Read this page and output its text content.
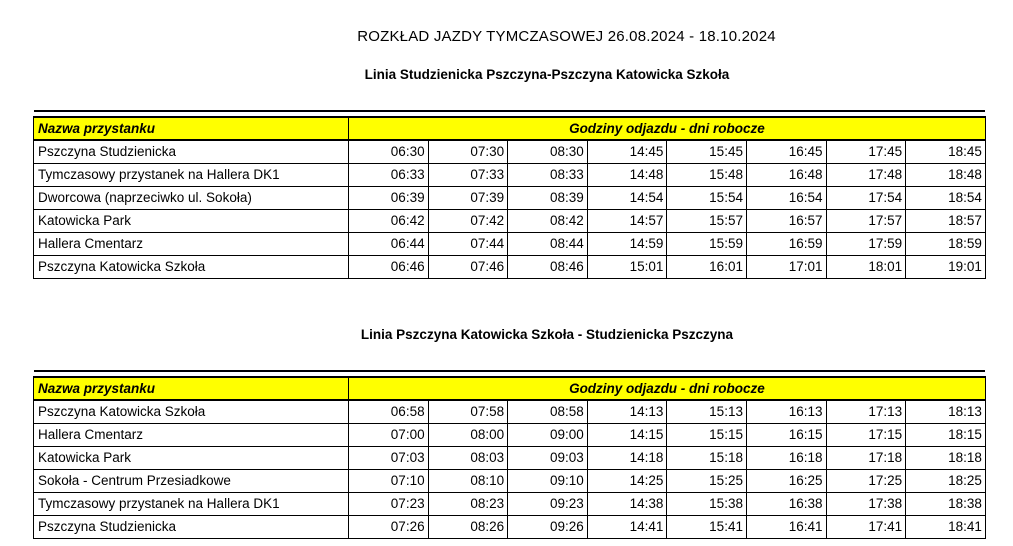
ROZKŁAD JAZDY TYMCZASOWEJ 26.08.2024 - 18.10.2024
Linia Studzienicka Pszczyna-Pszczyna Katowicka Szkoła

Nazwa przystanku	Godziny odjazdu - dni robocze							
Pszczyna Studzienicka	06:30	07:30	08:30	14:45	15:45	16:45	17:45	18:45
Tymczasowy przystanek na Hallera DK1	06:33	07:33	08:33	14:48	15:48	16:48	17:48	18:48
Dworcowa (naprzeciwko ul. Sokoła)	06:39	07:39	08:39	14:54	15:54	16:54	17:54	18:54
Katowicka Park	06:42	07:42	08:42	14:57	15:57	16:57	17:57	18:57
Hallera Cmentarz	06:44	07:44	08:44	14:59	15:59	16:59	17:59	18:59
Pszczyna Katowicka Szkoła	06:46	07:46	08:46	15:01	16:01	17:01	18:01	19:01
Linia Pszczyna Katowicka Szkoła - Studzienicka Pszczyna

Nazwa przystanku	Godziny odjazdu - dni robocze							
Pszczyna Katowicka Szkoła	06:58	07:58	08:58	14:13	15:13	16:13	17:13	18:13
Hallera Cmentarz	07:00	08:00	09:00	14:15	15:15	16:15	17:15	18:15
Katowicka Park	07:03	08:03	09:03	14:18	15:18	16:18	17:18	18:18
Sokoła - Centrum Przesiadkowe	07:10	08:10	09:10	14:25	15:25	16:25	17:25	18:25
Tymczasowy przystanek na Hallera DK1	07:23	08:23	09:23	14:38	15:38	16:38	17:38	18:38
Pszczyna Studzienicka	07:26	08:26	09:26	14:41	15:41	16:41	17:41	18:41
